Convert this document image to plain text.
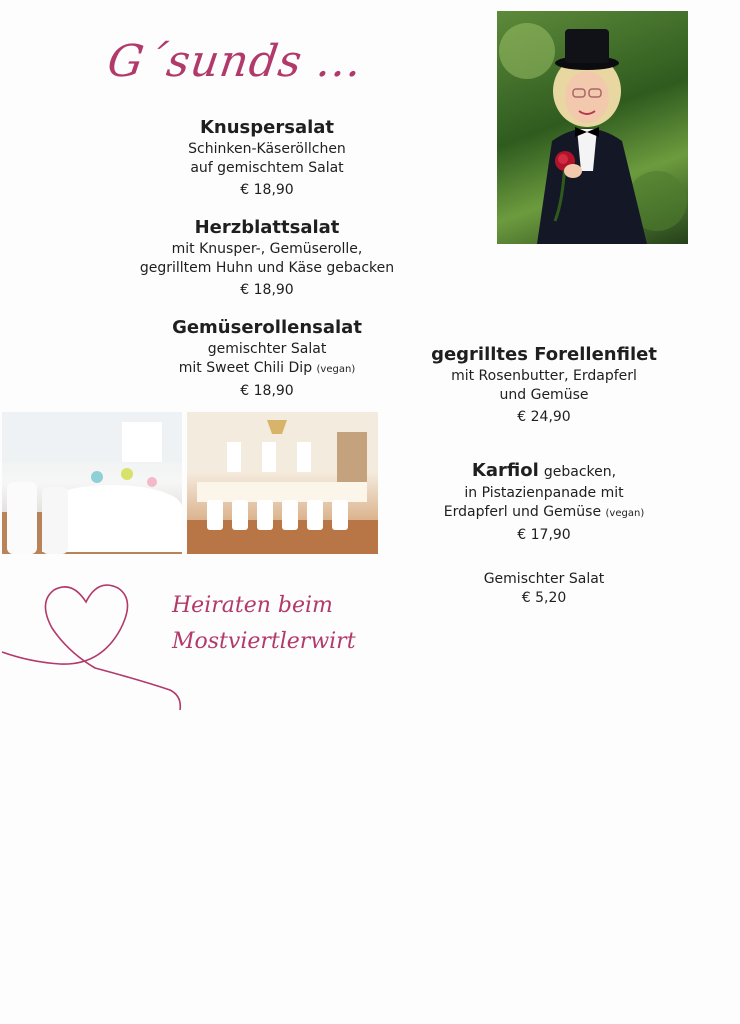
G´sunds ...
Knuspersalat
Schinken-Käseröllchen
auf gemischtem Salat
€ 18,90
Herzblattsalat
mit Knusper-, Gemüserolle,
gegrilltem Huhn und Käse gebacken
€ 18,90
Gemüserollensalat
gemischter Salat
mit Sweet Chili Dip (vegan)
€ 18,90
gegrilltes Forellenfilet
mit Rosenbutter, Erdapferl
und Gemüse
€ 24,90
Karfiol gebacken,
in Pistazienpanade mit
Erdapferl und Gemüse (vegan)
€ 17,90
Gemischter Salat
€ 5,20
Heiraten beim
Mostviertlerwirt
